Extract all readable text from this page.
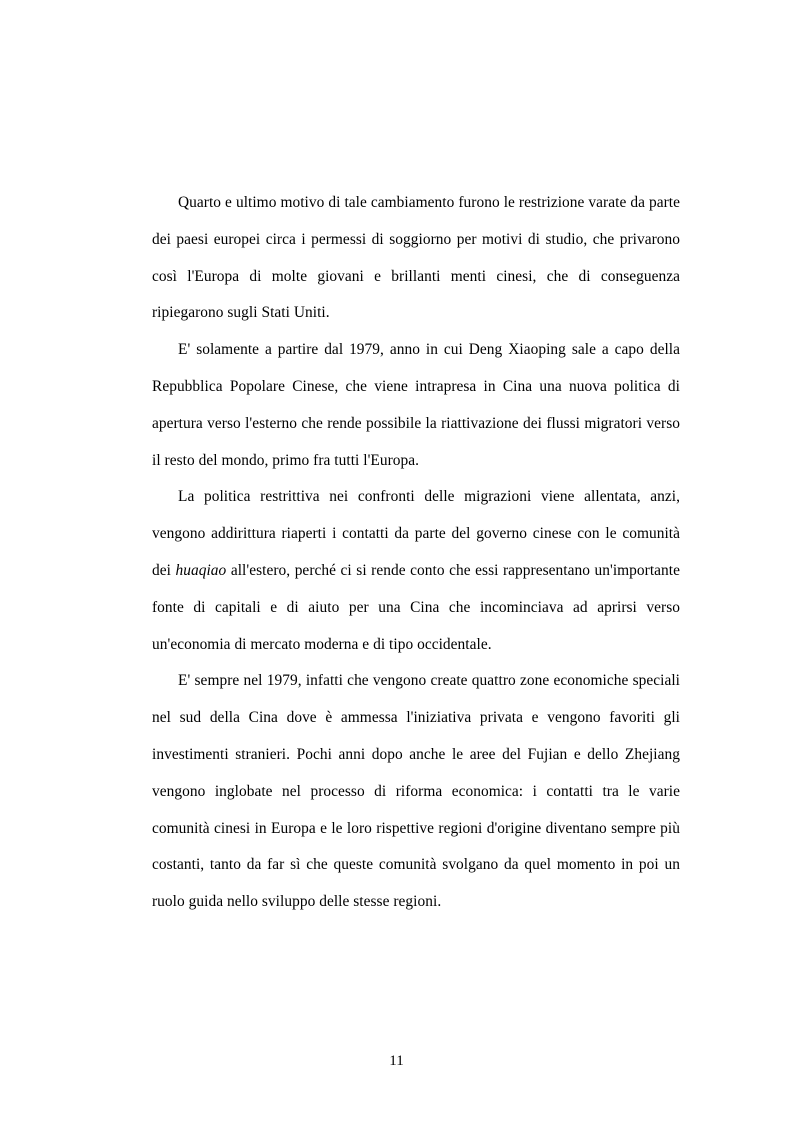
Quarto e ultimo motivo di tale cambiamento furono le restrizione varate da parte dei paesi europei circa i permessi di soggiorno per motivi di studio, che privarono così l'Europa di molte giovani e brillanti menti cinesi, che di conseguenza ripiegarono sugli Stati Uniti.

E' solamente a partire dal 1979, anno in cui Deng Xiaoping sale a capo della Repubblica Popolare Cinese, che viene intrapresa in Cina una nuova politica di apertura verso l'esterno che rende possibile la riattivazione dei flussi migratori verso il resto del mondo, primo fra tutti l'Europa.

La politica restrittiva nei confronti delle migrazioni viene allentata, anzi, vengono addirittura riaperti i contatti da parte del governo cinese con le comunità dei huaqiao all'estero, perché ci si rende conto che essi rappresentano un'importante fonte di capitali e di aiuto per una Cina che incominciava ad aprirsi verso un'economia di mercato moderna e di tipo occidentale.

E' sempre nel 1979, infatti che vengono create quattro zone economiche speciali nel sud della Cina dove è ammessa l'iniziativa privata e vengono favoriti gli investimenti stranieri. Pochi anni dopo anche le aree del Fujian e dello Zhejiang vengono inglobate nel processo di riforma economica: i contatti tra le varie comunità cinesi in Europa e le loro rispettive regioni d'origine diventano sempre più costanti, tanto da far sì che queste comunità svolgano da quel momento in poi un ruolo guida nello sviluppo delle stesse regioni.

11
